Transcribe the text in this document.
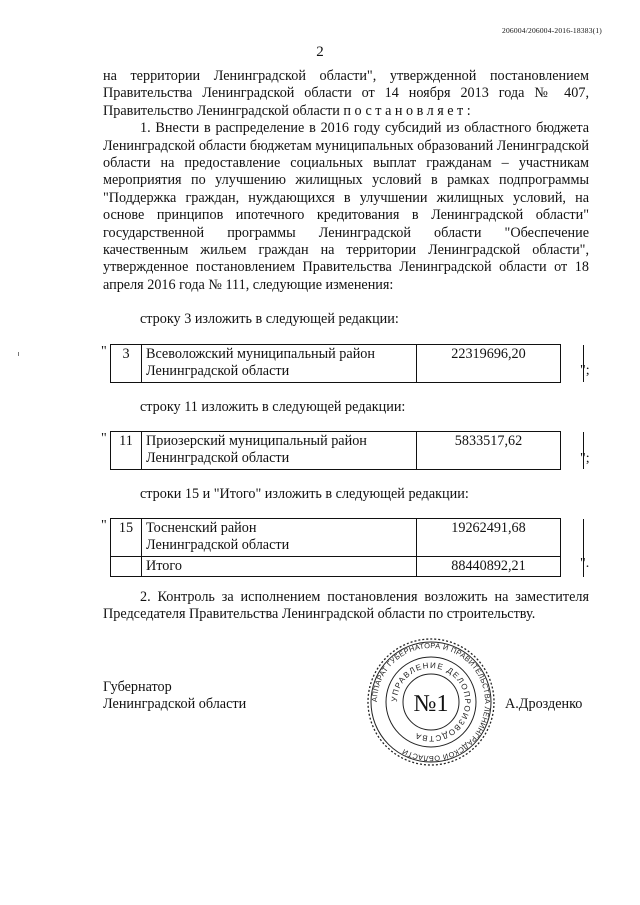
206004/206004-2016-18383(1)
2

на территории Ленинградской области", утвержденной постановлением

Правительства Ленинградской области от 14 ноября 2013 года № 407,

Правительство Ленинградской области постановляет:

1. Внести в распределение в 2016 году субсидий из областного бюджета Ленинградской области бюджетам муниципальных образований Ленинградской области на предоставление социальных выплат гражданам – участникам мероприятия по улучшению жилищных условий в рамках подпрограммы "Поддержка граждан, нуждающихся в улучшении жилищных условий, на основе принципов ипотечного кредитования в Ленинградской области" государственной программы Ленинградской области "Обеспечение качественным жильем граждан на территории Ленинградской области", утвержденное постановлением Правительства Ленинградской области от 18 апреля 2016 года № 111, следующие изменения:

строку 3 изложить в следующей редакции:
" 3	Всеволожский муниципальный район
Ленинградской области
	22319696,20	
";
строку 11 изложить в следующей редакции:
" 11	Приозерский муниципальный район
Ленинградской области
	5833517,62	
";
строки 15 и "Итого" изложить в следующей редакции:
" 15	Тосненский район
Ленинградской области	19262491,68	
	Итого	88440892,21		".

2. Контроль за исполнением постановления возложить на заместителя Председателя Правительства Ленинградской области по строительству.

Губернатор
Ленинградской области	А.Дрозденко
АППАРАТ ГУБЕРНАТОРА И ПРАВИТЕЛЬСТВА ЛЕНИНГРАДСКОЙ ОБЛАСТИ
УПРАВЛЕНИЕ ДЕЛОПРОИЗВОДСТВА
№1
